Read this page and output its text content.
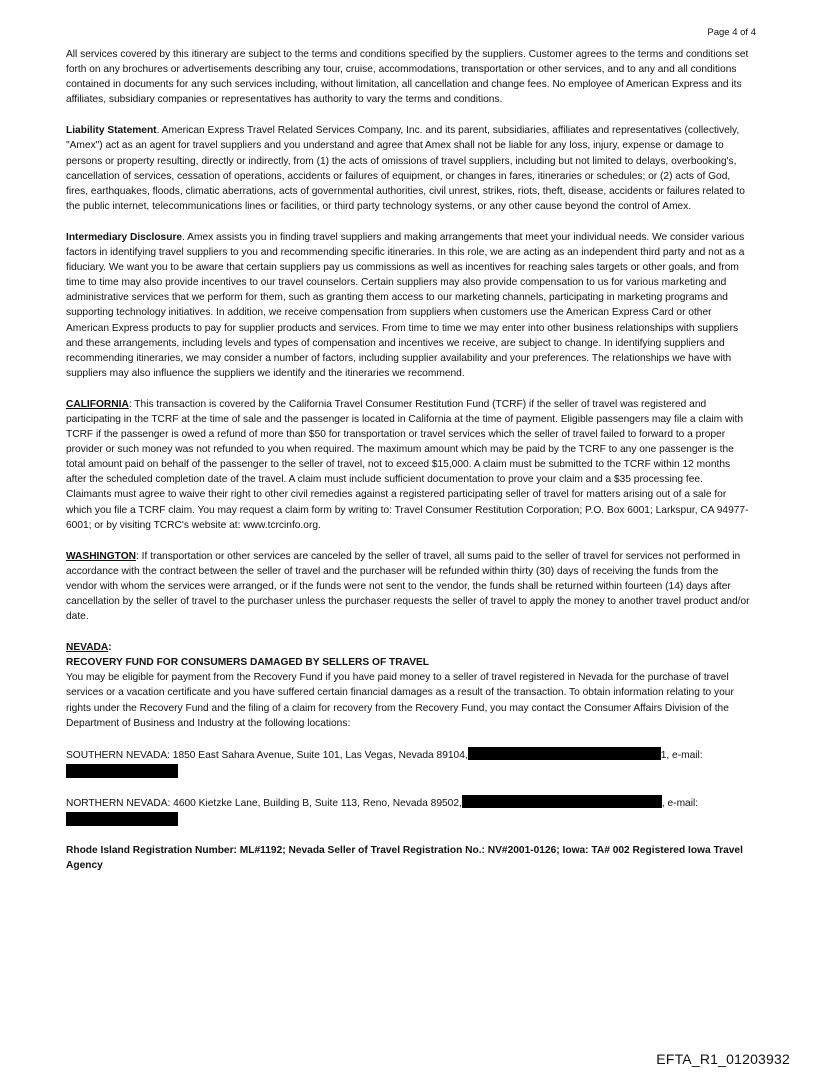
Page 4 of 4

All services covered by this itinerary are subject to the terms and conditions specified by the suppliers. Customer agrees to the terms and conditions set forth on any brochures or advertisements describing any tour, cruise, accommodations, transportation or other services, and to any and all conditions contained in documents for any such services including, without limitation, all cancellation and change fees. No employee of American Express and its affiliates, subsidiary companies or representatives has authority to vary the terms and conditions.

Liability Statement. American Express Travel Related Services Company, Inc. and its parent, subsidiaries, affiliates and representatives (collectively, "Amex") act as an agent for travel suppliers and you understand and agree that Amex shall not be liable for any loss, injury, expense or damage to persons or property resulting, directly or indirectly, from (1) the acts of omissions of travel suppliers, including but not limited to delays, overbooking's, cancellation of services, cessation of operations, accidents or failures of equipment, or changes in fares, itineraries or schedules; or (2) acts of God, fires, earthquakes, floods, climatic aberrations, acts of governmental authorities, civil unrest, strikes, riots, theft, disease, accidents or failures related to the public internet, telecommunications lines or facilities, or third party technology systems, or any other cause beyond the control of Amex.

Intermediary Disclosure. Amex assists you in finding travel suppliers and making arrangements that meet your individual needs. We consider various factors in identifying travel suppliers to you and recommending specific itineraries. In this role, we are acting as an independent third party and not as a fiduciary. We want you to be aware that certain suppliers pay us commissions as well as incentives for reaching sales targets or other goals, and from time to time may also provide incentives to our travel counselors. Certain suppliers may also provide compensation to us for various marketing and administrative services that we perform for them, such as granting them access to our marketing channels, participating in marketing programs and supporting technology initiatives. In addition, we receive compensation from suppliers when customers use the American Express Card or other American Express products to pay for supplier products and services. From time to time we may enter into other business relationships with suppliers and these arrangements, including levels and types of compensation and incentives we receive, are subject to change. In identifying suppliers and recommending itineraries, we may consider a number of factors, including supplier availability and your preferences. The relationships we have with suppliers may also influence the suppliers we identify and the itineraries we recommend.

CALIFORNIA: This transaction is covered by the California Travel Consumer Restitution Fund (TCRF) if the seller of travel was registered and participating in the TCRF at the time of sale and the passenger is located in California at the time of payment. Eligible passengers may file a claim with TCRF if the passenger is owed a refund of more than $50 for transportation or travel services which the seller of travel failed to forward to a proper provider or such money was not refunded to you when required. The maximum amount which may be paid by the TCRF to any one passenger is the total amount paid on behalf of the passenger to the seller of travel, not to exceed $15,000. A claim must be submitted to the TCRF within 12 months after the scheduled completion date of the travel. A claim must include sufficient documentation to prove your claim and a $35 processing fee. Claimants must agree to waive their right to other civil remedies against a registered participating seller of travel for matters arising out of a sale for which you file a TCRF claim. You may request a claim form by writing to: Travel Consumer Restitution Corporation; P.O. Box 6001; Larkspur, CA 94977-6001; or by visiting TCRC's website at: www.tcrcinfo.org.

WASHINGTON: If transportation or other services are canceled by the seller of travel, all sums paid to the seller of travel for services not performed in accordance with the contract between the seller of travel and the purchaser will be refunded within thirty (30) days of receiving the funds from the vendor with whom the services were arranged, or if the funds were not sent to the vendor, the funds shall be returned within fourteen (14) days after cancellation by the seller of travel to the purchaser unless the purchaser requests the seller of travel to apply the money to another travel product and/or date.

NEVADA:
RECOVERY FUND FOR CONSUMERS DAMAGED BY SELLERS OF TRAVEL

You may be eligible for payment from the Recovery Fund if you have paid money to a seller of travel registered in Nevada for the purchase of travel services or a vacation certificate and you have suffered certain financial damages as a result of the transaction. To obtain information relating to your rights under the Recovery Fund and the filing of a claim for recovery from the Recovery Fund, you may contact the Consumer Affairs Division of the Department of Business and Industry at the following locations:

SOUTHERN NEVADA: 1850 East Sahara Avenue, Suite 101, Las Vegas, Nevada 89104,	1, e-mail:
NORTHERN NEVADA: 4600 Kietzke Lane, Building B, Suite 113, Reno, Nevada 89502,	, e-mail:
Rhode Island Registration Number: ML#1192; Nevada Seller of Travel Registration No.: NV#2001-0126; Iowa: TA# 002 Registered Iowa Travel Agency
EFTA_R1_01203932
